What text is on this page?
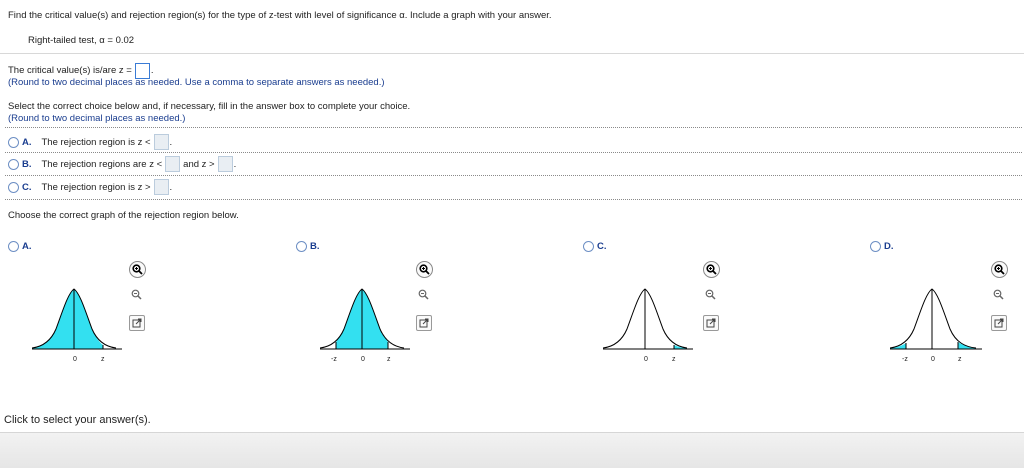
Find the critical value(s) and rejection region(s) for the type of z-test with level of significance α. Include a graph with your answer.
Right-tailed test, α = 0.02
The critical value(s) is/are z = .
(Round to two decimal places as needed. Use a comma to separate answers as needed.)
Select the correct choice below and, if necessary, fill in the answer box to complete your choice.
(Round to two decimal places as needed.)
A. The rejection region is z < .
B. The rejection regions are z < and z > .
C. The rejection region is z > .
Choose the correct graph of the rejection region below.
A.
0	z
B.
-z	0	z
C.
0	z
D.
-z	0	z
Click to select your answer(s).
